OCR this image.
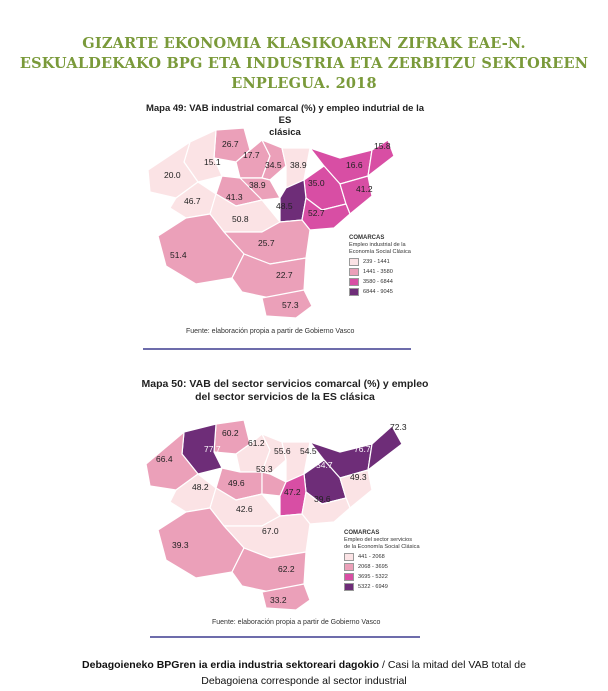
GIZARTE EKONOMIA KLASIKOAREN ZIFRAK EAE-N.
ESKUALDEKAKO BPG ETA INDUSTRIA ETA ZERBITZU SEKTOREEN
ENPLEGUA. 2018
Mapa 49: VAB industrial comarcal (%) y empleo indutrial de la ES
clásica
26.7
15.1
17.7
34.5 38.9	16.6
15.8
20.0
41.3
38.9	35.0
41.2
46.7	48.5
52.7
50.8
25.7
51.4
22.7
57.3
60.2
77.7
61.2
55.6 54.5
72.3
66.4
76.7
53.3	54.7
49.6
48.2	47.2
49.3
39.6
42.6
67.0
39.3
62.2
33.2
COMARCAS
Empleo industrial de la
Economía Social Clásica
239 - 1441
1441 - 3580
3580 - 6844
6844 - 9045
Fuente: elaboración propia a partir de Gobierno Vasco
Mapa 50: VAB del sector servicios comarcal (%) y empleo
del sector servicios de la ES clásica
COMARCAS
Empleo del sector servicios
de la Economía Social Clásica
441 - 2068
2068 - 3695
3695 - 5322
5322 - 6949
Fuente: elaboración propia a partir de Gobierno Vasco
Debagoieneko BPGren ia erdia industria sektoreari dagokio / Casi la mitad del VAB total de
Debagoiena corresponde al sector industrial
